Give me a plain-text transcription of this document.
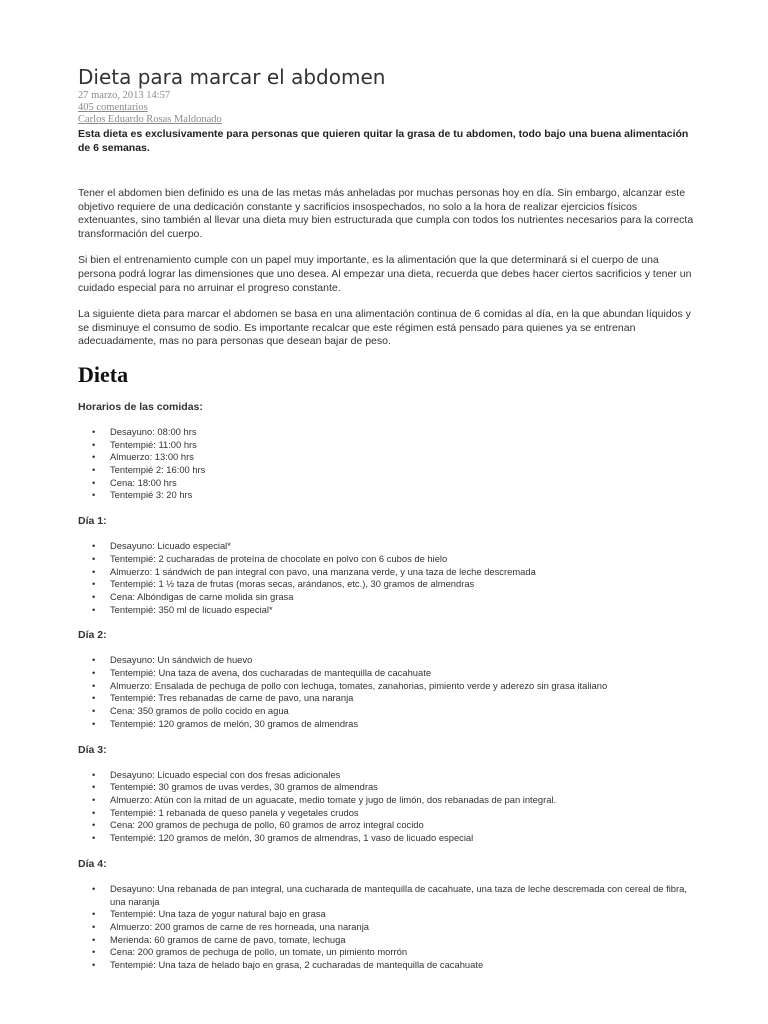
Dieta para marcar el abdomen
27 marzo, 2013 14:57
405 comentarios
Carlos Eduardo Rosas Maldonado

Esta dieta es exclusivamente para personas que quieren quitar la grasa de tu abdomen, todo bajo una buena alimentación de 6 semanas.

Tener el abdomen bien definido es una de las metas más anheladas por muchas personas hoy en día. Sin embargo, alcanzar este objetivo requiere de una dedicación constante y sacrificios insospechados, no solo a la hora de realizar ejercicios físicos extenuantes, sino también al llevar una dieta muy bien estructurada que cumpla con todos los nutrientes necesarios para la correcta transformación del cuerpo.

Si bien el entrenamiento cumple con un papel muy importante, es la alimentación que la que determinará si el cuerpo de una persona podrá lograr las dimensiones que uno desea. Al empezar una dieta, recuerda que debes hacer ciertos sacrificios y tener un cuidado especial para no arruinar el progreso constante.

La siguiente dieta para marcar el abdomen se basa en una alimentación continua de 6 comidas al día, en la que abundan líquidos y se disminuye el consumo de sodio. Es importante recalcar que este régimen está pensado para quienes ya se entrenan adecuadamente, mas no para personas que desean bajar de peso.

Dieta
Horarios de las comidas:
• Desayuno: 08:00 hrs
• Tentempié: 11:00 hrs
• Almuerzo: 13:00 hrs
• Tentempié 2: 16:00 hrs
• Cena: 18:00 hrs
• Tentempié 3: 20 hrs
Día 1:
• Desayuno: Licuado especial*
• Tentempié: 2 cucharadas de proteína de chocolate en polvo con 6 cubos de hielo
• Almuerzo: 1 sándwich de pan integral con pavo, una manzana verde, y una taza de leche descremada
• Tentempié: 1 ½ taza de frutas (moras secas, arándanos, etc.), 30 gramos de almendras
• Cena: Albóndigas de carne molida sin grasa
• Tentempié: 350 ml de licuado especial*
Día 2:
• Desayuno: Un sándwich de huevo
• Tentempié: Una taza de avena, dos cucharadas de mantequilla de cacahuate
• Almuerzo: Ensalada de pechuga de pollo con lechuga, tomates, zanahorias, pimiento verde y aderezo sin grasa italiano
• Tentempié: Tres rebanadas de carne de pavo, una naranja
• Cena: 350 gramos de pollo cocido en agua
• Tentempié: 120 gramos de melón, 30 gramos de almendras
Día 3:
• Desayuno: Licuado especial con dos fresas adicionales
• Tentempié: 30 gramos de uvas verdes, 30 gramos de almendras
• Almuerzo: Atún con la mitad de un aguacate, medio tomate y jugo de limón, dos rebanadas de pan integral.
• Tentempié: 1 rebanada de queso panela y vegetales crudos
• Cena: 200 gramos de pechuga de pollo, 60 gramos de arroz integral cocido
• Tentempié: 120 gramos de melón, 30 gramos de almendras, 1 vaso de licuado especial
Día 4:
• Desayuno: Una rebanada de pan integral, una cucharada de mantequilla de cacahuate, una taza de leche descremada con cereal de fibra, una naranja
• Tentempié: Una taza de yogur natural bajo en grasa
• Almuerzo: 200 gramos de carne de res horneada, una naranja
• Merienda: 60 gramos de carne de pavo, tomate, lechuga
• Cena: 200 gramos de pechuga de pollo, un tomate, un pimiento morrón
• Tentempié: Una taza de helado bajo en grasa, 2 cucharadas de mantequilla de cacahuate
